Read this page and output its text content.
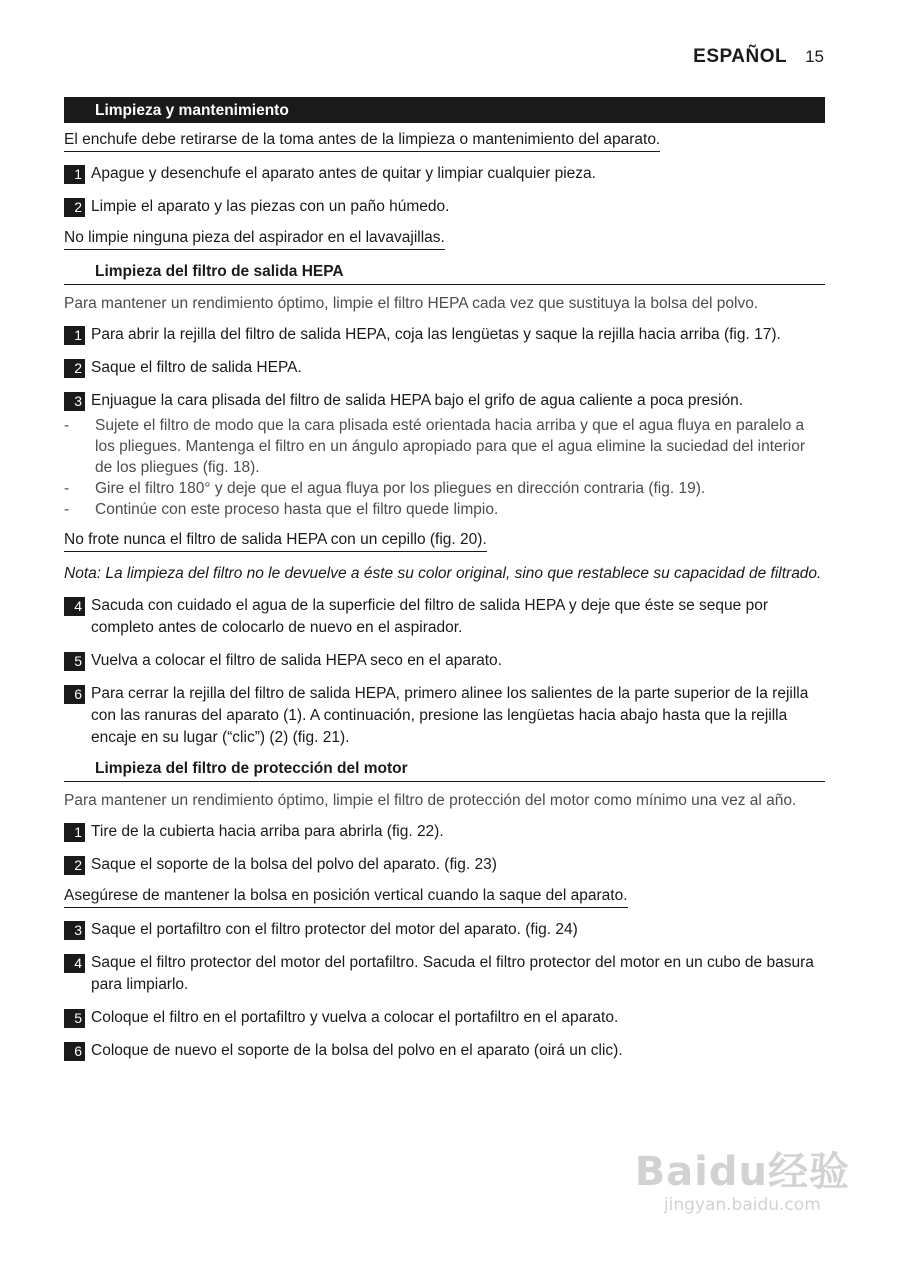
ESPAÑOL 15
Limpieza y mantenimiento
El enchufe debe retirarse de la toma antes de la limpieza o mantenimiento del aparato.
1 Apague y desenchufe el aparato antes de quitar y limpiar cualquier pieza.
2 Limpie el aparato y las piezas con un paño húmedo.
No limpie ninguna pieza del aspirador en el lavavajillas.
Limpieza del filtro de salida HEPA

Para mantener un rendimiento óptimo, limpie el filtro HEPA cada vez que sustituya la bolsa del polvo.

1 Para abrir la rejilla del filtro de salida HEPA, coja las lengüetas y saque la rejilla hacia arriba (fig. 17).
2 Saque el filtro de salida HEPA.
3 Enjuague la cara plisada del filtro de salida HEPA bajo el grifo de agua caliente a poca presión.
-	Sujete el filtro de modo que la cara plisada esté orientada hacia arriba y que el agua fluya en paralelo a los pliegues. Mantenga el filtro en un ángulo apropiado para que el agua elimine la suciedad del interior de los pliegues (fig. 18).
-	Gire el filtro 180° y deje que el agua fluya por los pliegues en dirección contraria (fig. 19).
-	Continúe con este proceso hasta que el filtro quede limpio.
No frote nunca el filtro de salida HEPA con un cepillo (fig. 20).

Nota: La limpieza del filtro no le devuelve a éste su color original, sino que restablece su capacidad de filtrado.

4 Sacuda con cuidado el agua de la superficie del filtro de salida HEPA y deje que éste se seque por completo antes de colocarlo de nuevo en el aspirador.
5 Vuelva a colocar el filtro de salida HEPA seco en el aparato.
6 Para cerrar la rejilla del filtro de salida HEPA, primero alinee los salientes de la parte superior de la rejilla con las ranuras del aparato (1). A continuación, presione las lengüetas hacia abajo hasta que la rejilla encaje en su lugar (“clic”) (2) (fig. 21).
Limpieza del filtro de protección del motor

Para mantener un rendimiento óptimo, limpie el filtro de protección del motor como mínimo una vez al año.

1 Tire de la cubierta hacia arriba para abrirla (fig. 22).
2 Saque el soporte de la bolsa del polvo del aparato. (fig. 23)
Asegúrese de mantener la bolsa en posición vertical cuando la saque del aparato.
3 Saque el portafiltro con el filtro protector del motor del aparato. (fig. 24)
4 Saque el filtro protector del motor del portafiltro. Sacuda el filtro protector del motor en un cubo de basura para limpiarlo.
5 Coloque el filtro en el portafiltro y vuelva a colocar el portafiltro en el aparato.
6 Coloque de nuevo el soporte de la bolsa del polvo en el aparato (oirá un clic).
Baidu经验
jingyan.baidu.com
